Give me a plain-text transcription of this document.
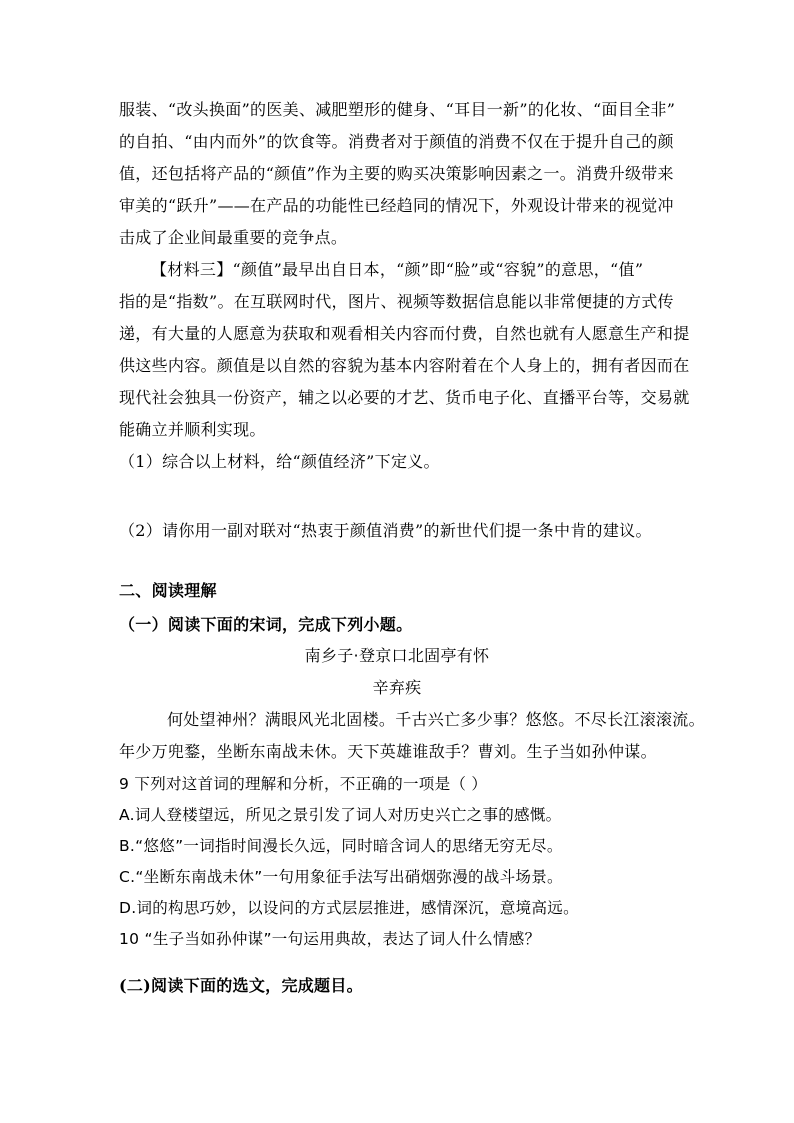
服装、“改头换面”的医美、减肥塑形的健身、“耳目一新”的化妆、“面目全非”
的自拍、“由内而外”的饮食等。消费者对于颜值的消费不仅在于提升自己的颜
值，还包括将产品的“颜值”作为主要的购买决策影响因素之一。消费升级带来
审美的“跃升”——在产品的功能性已经趋同的情况下，外观设计带来的视觉冲
击成了企业间最重要的竞争点。
【材料三】“颜值”最早出自日本，“颜”即“脸”或“容貌”的意思，“值”
指的是“指数”。在互联网时代，图片、视频等数据信息能以非常便捷的方式传
递，有大量的人愿意为获取和观看相关内容而付费，自然也就有人愿意生产和提
供这些内容。颜值是以自然的容貌为基本内容附着在个人身上的，拥有者因而在
现代社会独具一份资产，辅之以必要的才艺、货币电子化、直播平台等，交易就
能确立并顺利实现。
（1）综合以上材料，给“颜值经济”下定义。
（2）请你用一副对联对“热衷于颜值消费”的新世代们提一条中肯的建议。
二、阅读理解
（一）阅读下面的宋词，完成下列小题。
南乡子·登京口北固亭有怀
辛弃疾
何处望神州？满眼风光北固楼。千古兴亡多少事？悠悠。不尽长江滚滚流。
年少万兜鍪，坐断东南战未休。天下英雄谁敌手？曹刘。生子当如孙仲谋。
9 下列对这首词的理解和分析，不正确的一项是（ ）
A.词人登楼望远，所见之景引发了词人对历史兴亡之事的感慨。
B.“悠悠”一词指时间漫长久远，同时暗含词人的思绪无穷无尽。
C.“坐断东南战未休”一句用象征手法写出硝烟弥漫的战斗场景。
D.词的构思巧妙，以设问的方式层层推进，感情深沉，意境高远。
10 “生子当如孙仲谋”一句运用典故，表达了词人什么情感？
(二)阅读下面的选文，完成题目。
